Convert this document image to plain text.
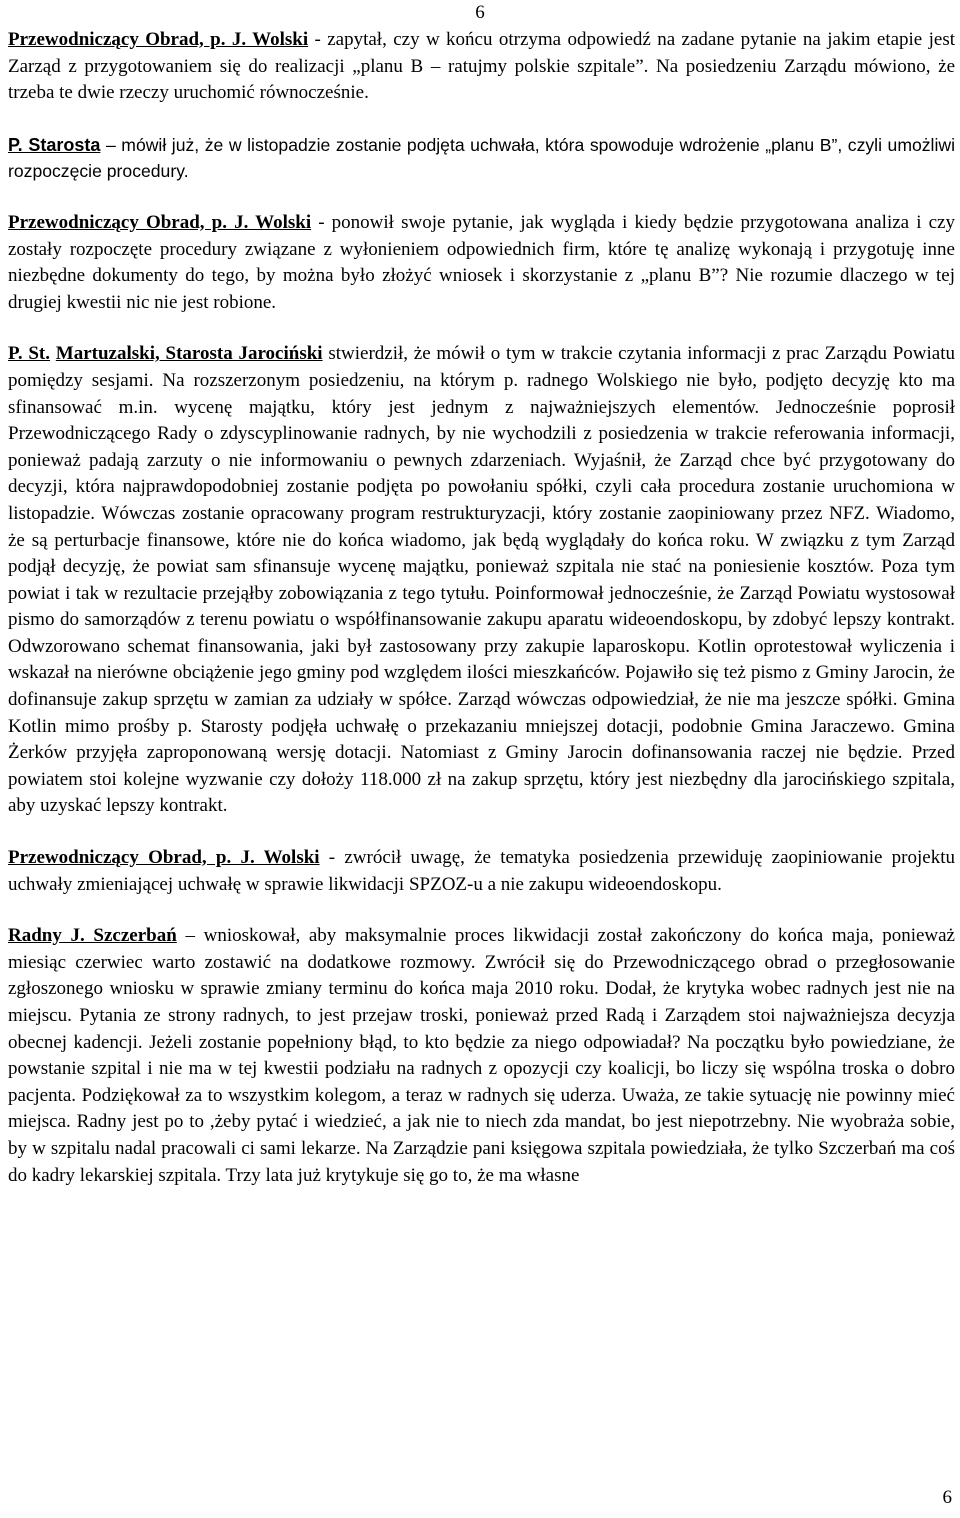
6

Przewodniczący Obrad, p. J. Wolski - zapytał, czy w końcu otrzyma odpowiedź na zadane pytanie na jakim etapie jest Zarząd z przygotowaniem się do realizacji „planu B – ratujmy polskie szpitale”. Na posiedzeniu Zarządu mówiono, że trzeba te dwie rzeczy uruchomić równocześnie.

P. Starosta – mówił już, że w listopadzie zostanie podjęta uchwała, która spowoduje wdrożenie „planu B”, czyli umożliwi rozpoczęcie procedury.

Przewodniczący Obrad, p. J. Wolski - ponowił swoje pytanie, jak wygląda i kiedy będzie przygotowana analiza i czy zostały rozpoczęte procedury związane z wyłonieniem odpowiednich firm, które tę analizę wykonają i przygotuję inne niezbędne dokumenty do tego, by można było złożyć wniosek i skorzystanie z „planu B”? Nie rozumie dlaczego w tej drugiej kwestii nic nie jest robione.

P. St. Martuzalski, Starosta Jarociński stwierdził, że mówił o tym w trakcie czytania informacji z prac Zarządu Powiatu pomiędzy sesjami. Na rozszerzonym posiedzeniu, na którym p. radnego Wolskiego nie było, podjęto decyzję kto ma sfinansować m.in. wycenę majątku, który jest jednym z najważniejszych elementów. Jednocześnie poprosił Przewodniczącego Rady o zdyscyplinowanie radnych, by nie wychodzili z posiedzenia w trakcie referowania informacji, ponieważ padają zarzuty o nie informowaniu o pewnych zdarzeniach. Wyjaśnił, że Zarząd chce być przygotowany do decyzji, która najprawdopodobniej zostanie podjęta po powołaniu spółki, czyli cała procedura zostanie uruchomiona w listopadzie. Wówczas zostanie opracowany program restrukturyzacji, który zostanie zaopiniowany przez NFZ. Wiadomo, że są perturbacje finansowe, które nie do końca wiadomo, jak będą wyglądały do końca roku. W związku z tym Zarząd podjął decyzję, że powiat sam sfinansuje wycenę majątku, ponieważ szpitala nie stać na poniesienie kosztów. Poza tym powiat i tak w rezultacie przejąłby zobowiązania z tego tytułu. Poinformował jednocześnie, że Zarząd Powiatu wystosował pismo do samorządów z terenu powiatu o współfinansowanie zakupu aparatu wideoendoskopu, by zdobyć lepszy kontrakt. Odwzorowano schemat finansowania, jaki był zastosowany przy zakupie laparoskopu. Kotlin oprotestował wyliczenia i wskazał na nierówne obciążenie jego gminy pod względem ilości mieszkańców. Pojawiło się też pismo z Gminy Jarocin, że dofinansuje zakup sprzętu w zamian za udziały w spółce. Zarząd wówczas odpowiedział, że nie ma jeszcze spółki. Gmina Kotlin mimo prośby p. Starosty podjęła uchwałę o przekazaniu mniejszej dotacji, podobnie Gmina Jaraczewo. Gmina Żerków przyjęła zaproponowaną wersję dotacji. Natomiast z Gminy Jarocin dofinansowania raczej nie będzie. Przed powiatem stoi kolejne wyzwanie czy dołoży 118.000 zł na zakup sprzętu, który jest niezbędny dla jarocińskiego szpitala, aby uzyskać lepszy kontrakt.

Przewodniczący Obrad, p. J. Wolski - zwrócił uwagę, że tematyka posiedzenia przewiduję zaopiniowanie projektu uchwały zmieniającej uchwałę w sprawie likwidacji SPZOZ-u a nie zakupu wideoendoskopu.

Radny J. Szczerbań – wnioskował, aby maksymalnie proces likwidacji został zakończony do końca maja, ponieważ miesiąc czerwiec warto zostawić na dodatkowe rozmowy. Zwrócił się do Przewodniczącego obrad o przegłosowanie zgłoszonego wniosku w sprawie zmiany terminu do końca maja 2010 roku. Dodał, że krytyka wobec radnych jest nie na miejscu. Pytania ze strony radnych, to jest przejaw troski, ponieważ przed Radą i Zarządem stoi najważniejsza decyzja obecnej kadencji. Jeżeli zostanie popełniony błąd, to kto będzie za niego odpowiadał? Na początku było powiedziane, że powstanie szpital i nie ma w tej kwestii podziału na radnych z opozycji czy koalicji, bo liczy się wspólna troska o dobro pacjenta. Podziękował za to wszystkim kolegom, a teraz w radnych się uderza. Uważa, ze takie sytuację nie powinny mieć miejsca. Radny jest po to ,żeby pytać i wiedzieć, a jak nie to niech zda mandat, bo jest niepotrzebny. Nie wyobraża sobie, by w szpitalu nadal pracowali ci sami lekarze. Na Zarządzie pani księgowa szpitala powiedziała, że tylko Szczerbań ma coś do kadry lekarskiej szpitala. Trzy lata już krytykuje się go to, że ma własne

6
